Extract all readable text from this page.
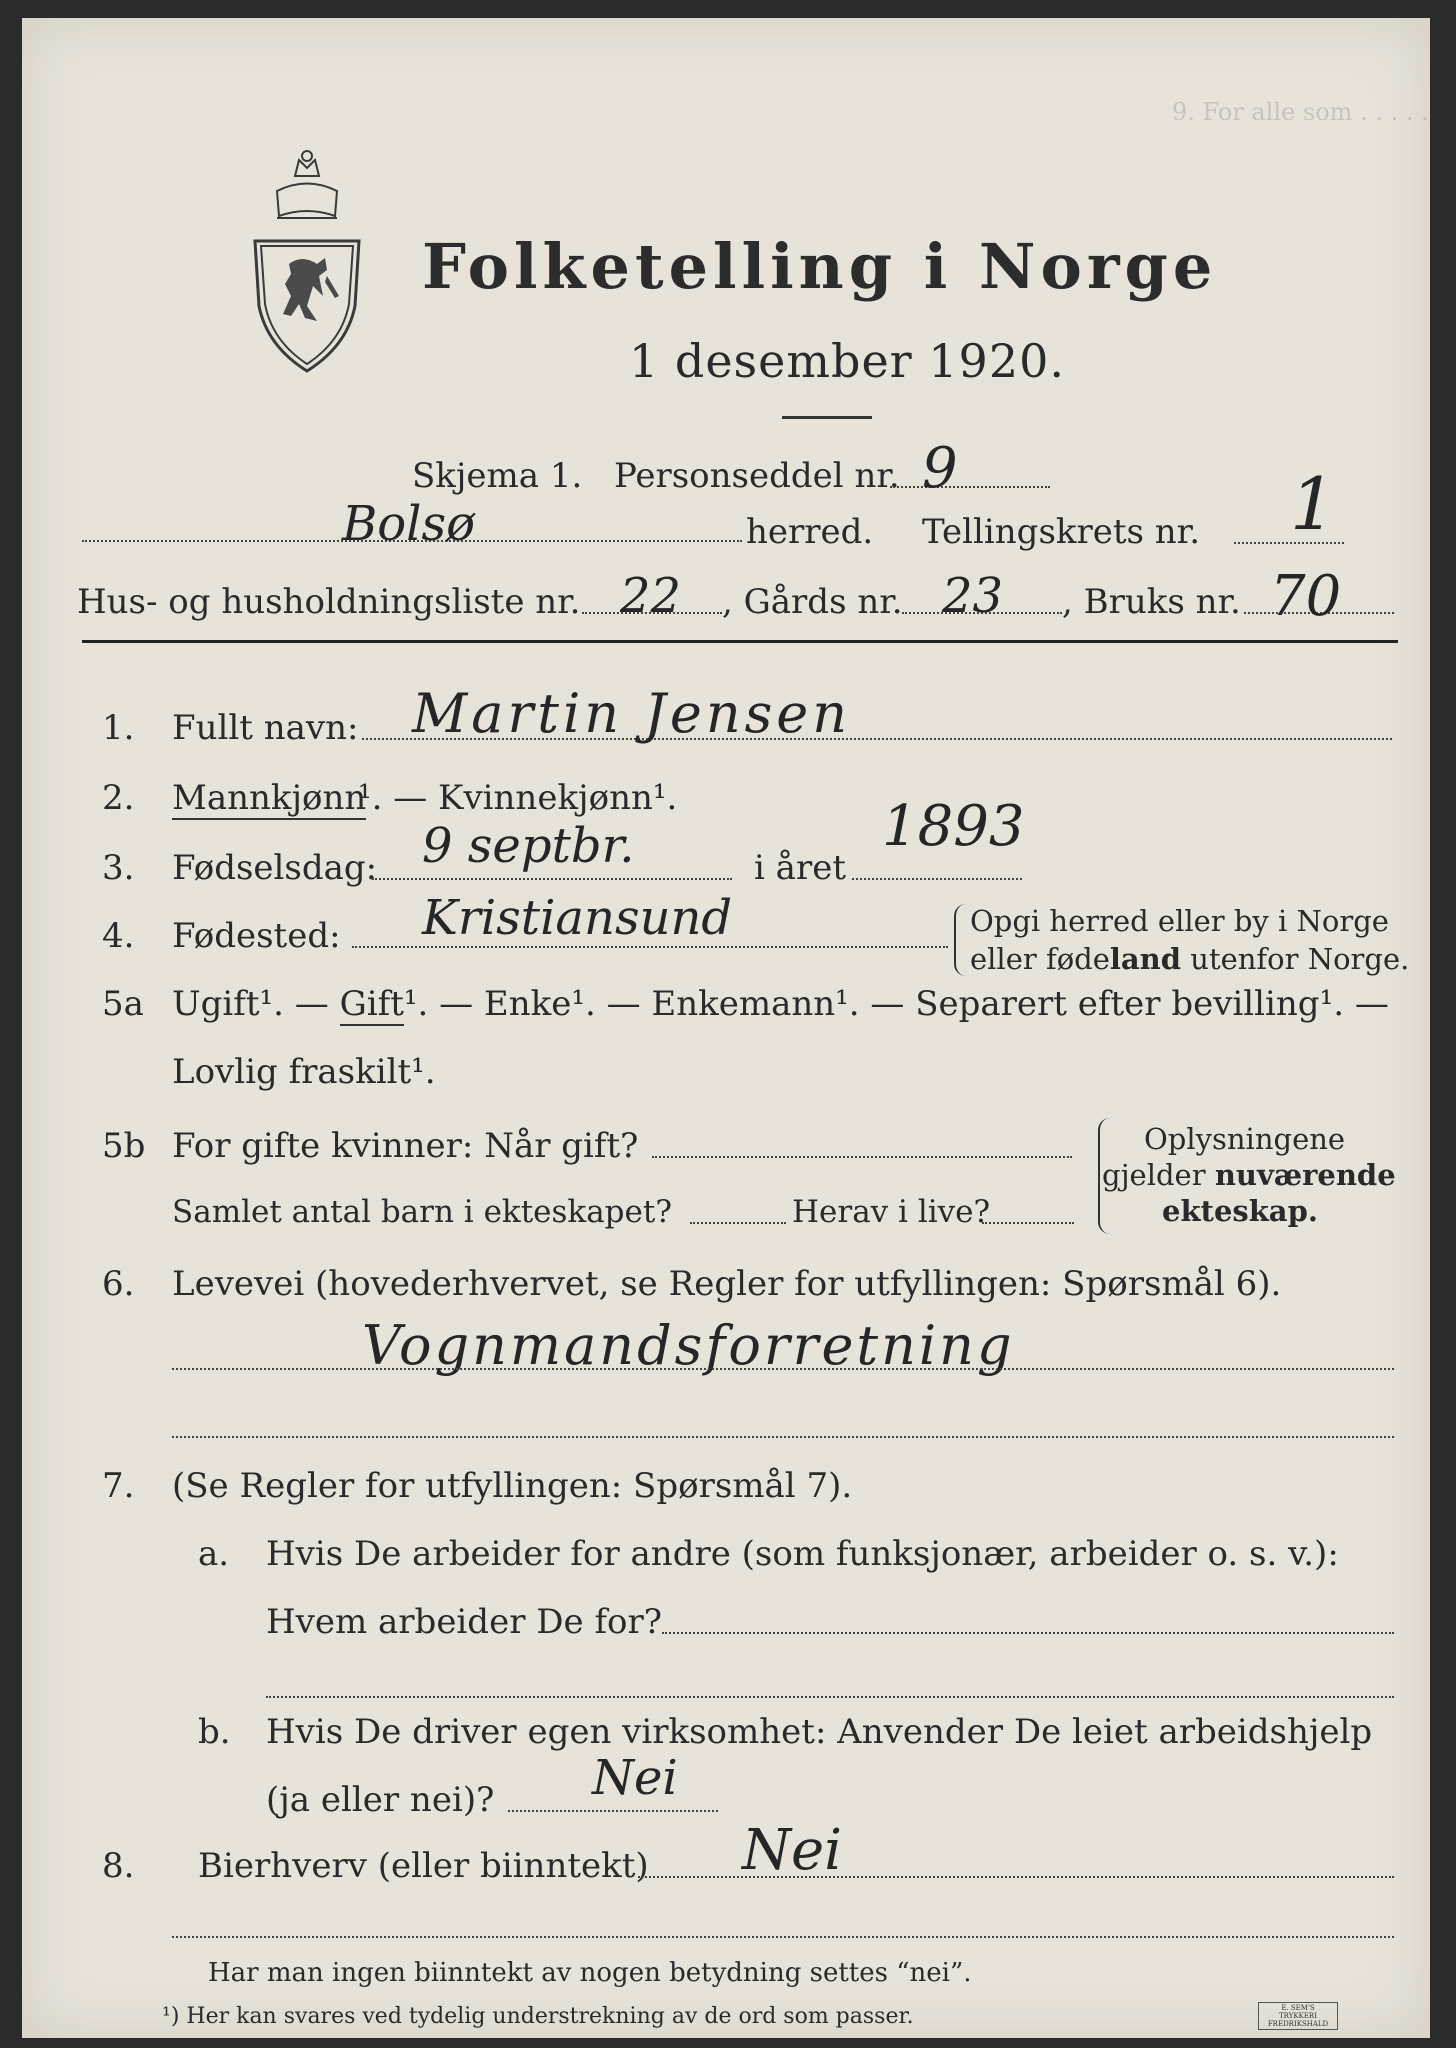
9. For alle som . . . . .
Folketelling i Norge
1 desember 1920.
Skjema 1. Personseddel nr. 9
Bolsø	herred. Tellingskrets nr. 1
Hus- og husholdningsliste nr. 22 , Gårds nr. 23 , Bruks nr. 70
1. Fullt navn: Martin Jensen
2. Mannkjønn
¹. — Kvinnekjønn¹.
3. Fødselsdag: 9 septbr.	i året
1893
4. Fødested: Kristiansund	Opgi herred eller by i Norge
eller fødeland utenfor Norge.
5a Ugift¹. — Gift¹. — Enke¹. — Enkemann¹. — Separert efter bevilling¹. —
Lovlig fraskilt¹.
5b For gifte kvinner: Når gift?
Samlet antal barn i ekteskapet?	Herav i live?
Oplysningene
gjelder nuværende
ekteskap.
6. Levevei (hovederhvervet, se Regler for utfyllingen: Spørsmål 6).
Vognmandsforretning
7. (Se Regler for utfyllingen: Spørsmål 7).
a. Hvis De arbeider for andre (som funksjonær, arbeider o. s. v.):
Hvem arbeider De for?
b. Hvis De driver egen virksomhet: Anvender De leiet arbeidshjelp
(ja eller nei)? Nei
8. Bierhverv (eller biinntekt) Nei
Har man ingen biinntekt av nogen betydning settes “nei”.
¹) Her kan svares ved tydelig understrekning av de ord som passer.	E. SEM'S TRYKKERI FREDRIKSHALD
